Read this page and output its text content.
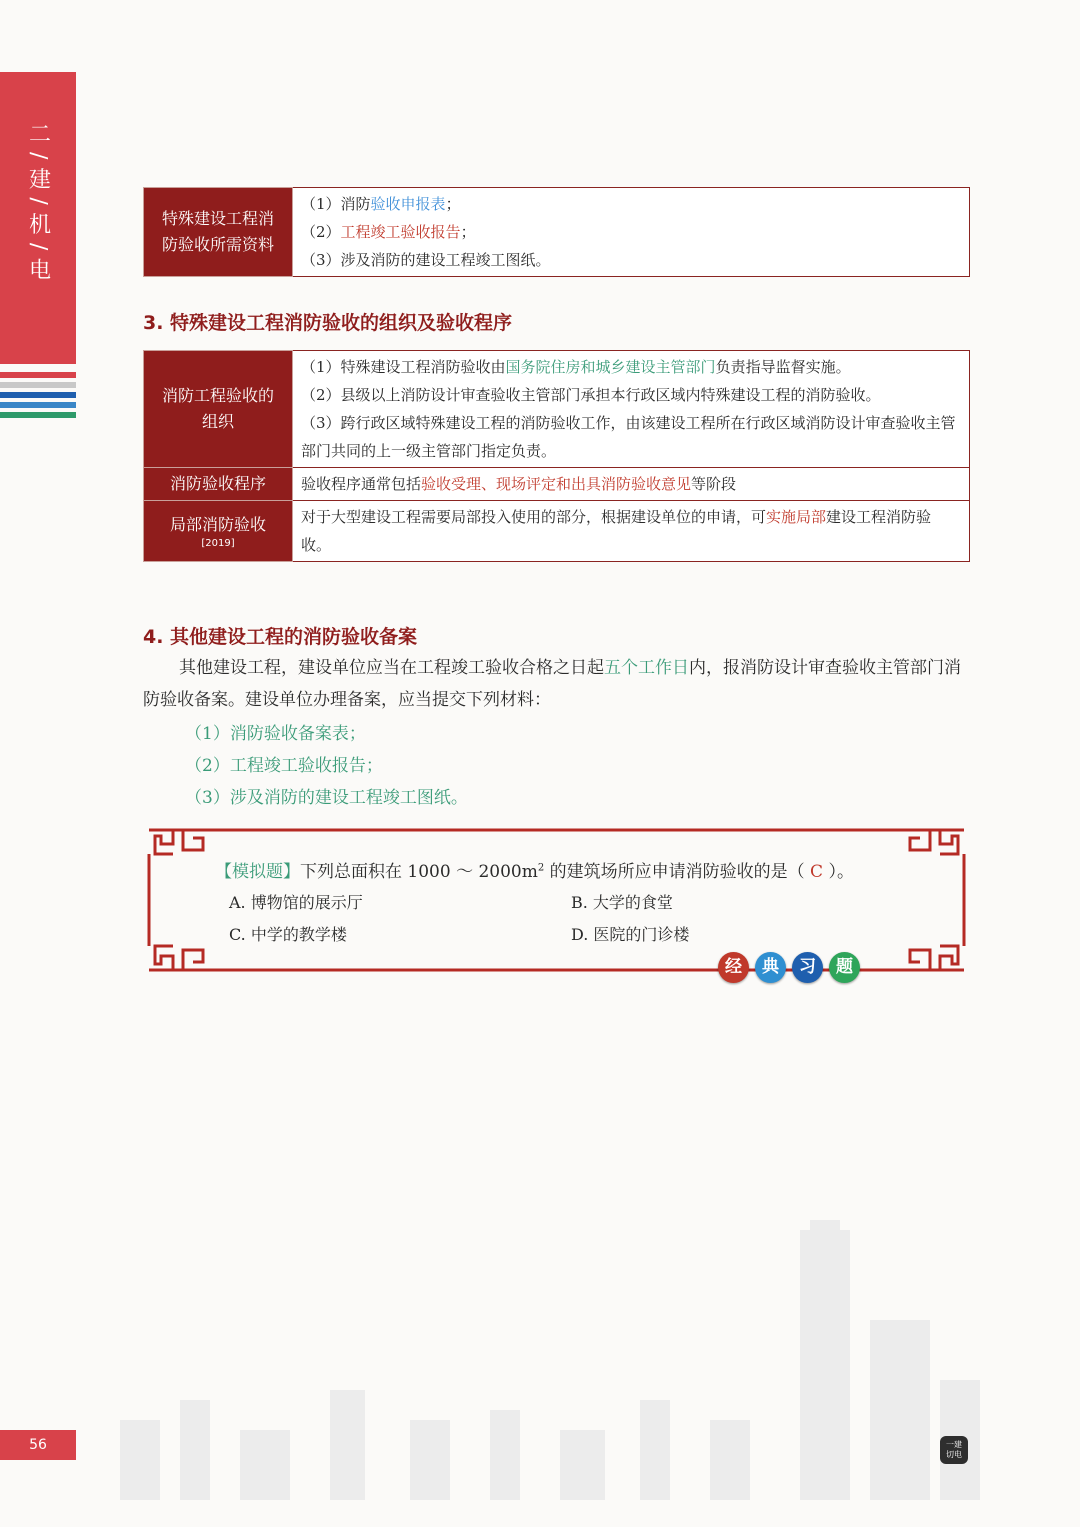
二/建/机/电	特殊建设工程消
防验收所需资料

（1）消防验收申报表；
（2）工程竣工验收报告；
（3）涉及消防的建设工程竣工图纸。
3. 特殊建设工程消防验收的组织及验收程序
消防工程验收的
组织	（1）特殊建设工程消防验收由国务院住房和城乡建设主管部门负责指导监督实施。
（2）县级以上消防设计审查验收主管部门承担本行政区域内特殊建设工程的消防验收。
（3）跨行政区域特殊建设工程的消防验收工作，由该建设工程所在行政区域消防设计审查验收主管部门共同的上一级主管部门指定负责。

消防验收程序	验收程序通常包括验收受理、现场评定和出具消防验收意见等阶段

局部消防验收
[2019]	对于大型建设工程需要局部投入使用的部分，根据建设单位的申请，可实施局部建设工程消防验收。
4. 其他建设工程的消防验收备案
其他建设工程，建设单位应当在工程竣工验收合格之日起五个工作日内，报消防设计审查验收主管部门消防验收备案。建设单位办理备案，应当提交下列材料：
（1）消防验收备案表；
（2）工程竣工验收报告；
（3）涉及消防的建设工程竣工图纸。
【模拟题】下列总面积在 1000 ～ $2000m^2$ 的建筑场所应申请消防验收的是（ C ）。
A. 博物馆的展示厅	B. 大学的食堂
C. 中学的教学楼	D. 医院的门诊楼
经	典	习	题
56	一建
切电
